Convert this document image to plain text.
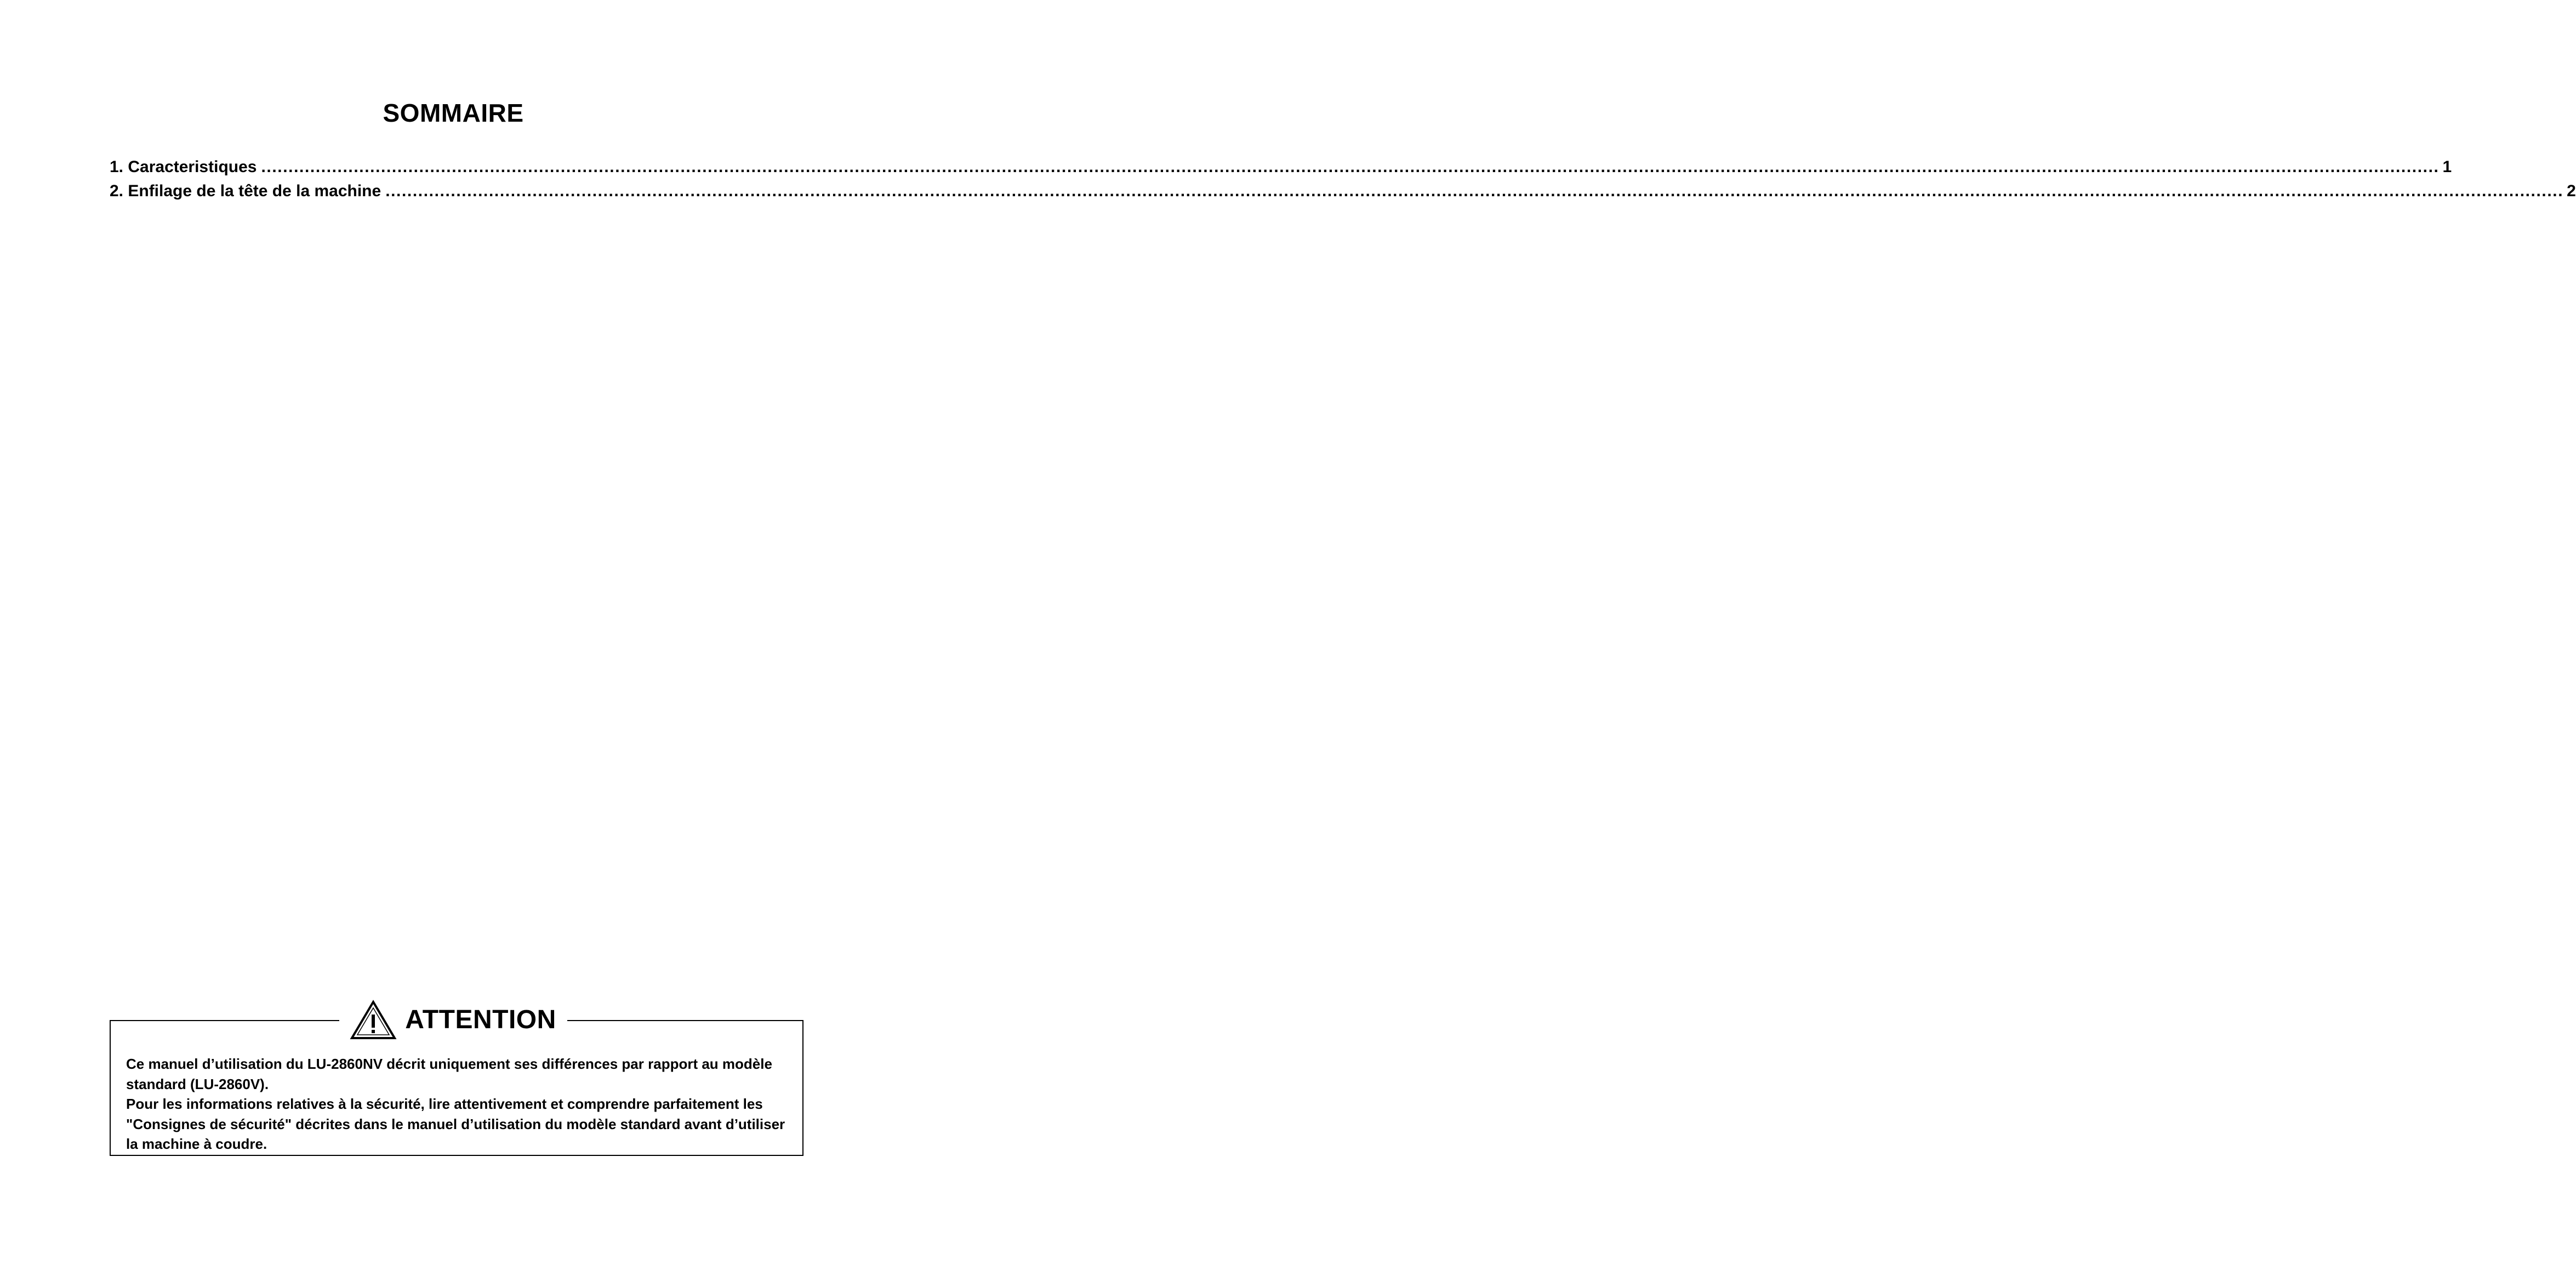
SOMMAIRE
1. Caracteristiques ................................................................................................................................................................................................................................................................................................................................................................................................................ 1
2. Enfilage de la tête de la machine ................................................................................................................................................................................................................................................................................................................................................................................................................ 2

Ce manuel d’utilisation du LU-2860NV décrit uniquement ses différences par rapport au modèle standard (LU-2860V).

Pour les informations relatives à la sécurité, lire attentivement et comprendre parfaitement les "Consignes de sécurité" décrites dans le manuel d’utilisation du modèle standard avant d’utiliser la machine à coudre.

ATTENTION
